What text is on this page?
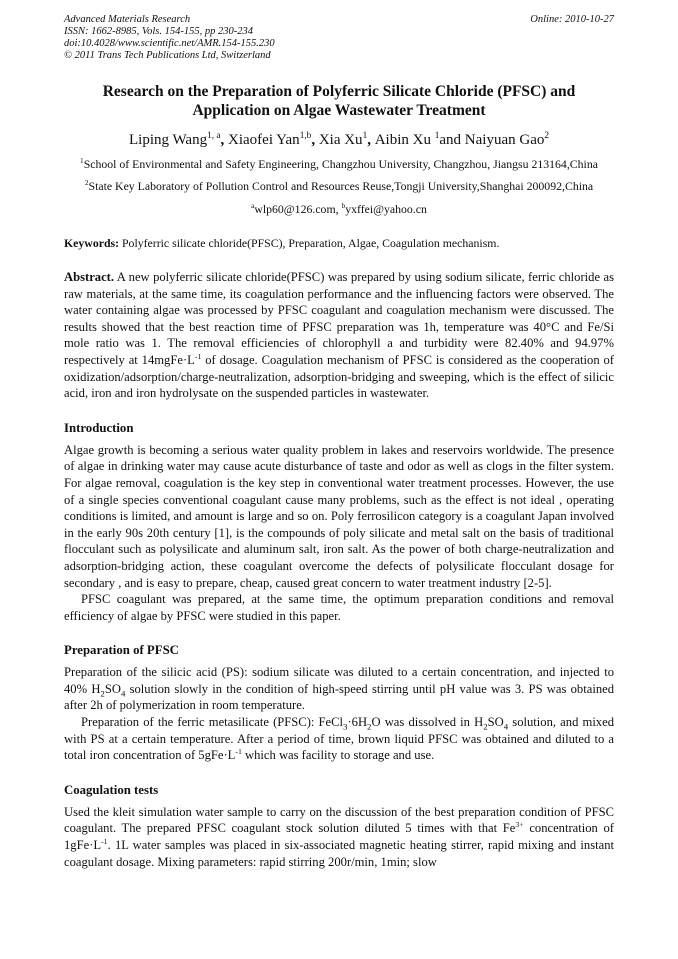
Advanced Materials Research
ISSN: 1662-8985, Vols. 154-155, pp 230-234
doi:10.4028/www.scientific.net/AMR.154-155.230
© 2011 Trans Tech Publications Ltd, Switzerland
Online: 2010-10-27
Research on the Preparation of Polyferric Silicate Chloride (PFSC) and
Application on Algae Wastewater Treatment
Liping Wang$^{1, a}$, Xiaofei Yan$^{1,b}$, Xia Xu$^1$, Aibin Xu $^1$and Naiyuan Gao$^2$
$^1$School of Environmental and Safety Engineering, Changzhou University, Changzhou, Jiangsu 213164,China
$^2$State Key Laboratory of Pollution Control and Resources Reuse,Tongji University,Shanghai 200092,China
$^a$wlp60@126.com, $^b$yxffei@yahoo.cn
Keywords: Polyferric silicate chloride(PFSC), Preparation, Algae, Coagulation mechanism.

Abstract. A new polyferric silicate chloride(PFSC) was prepared by using sodium silicate, ferric chloride as raw materials, at the same time, its coagulation performance and the influencing factors were observed. The water containing algae was processed by PFSC coagulant and coagulation mechanism were discussed. The results showed that the best reaction time of PFSC preparation was 1h, temperature was 40°C and Fe/Si mole ratio was 1. The removal efficiencies of chlorophyll a and turbidity were 82.40% and 94.97% respectively at $14mgFe\cdot L^{-1}$ of dosage. Coagulation mechanism of PFSC is considered as the cooperation of oxidization/adsorption/charge-neutralization, adsorption-bridging and sweeping, which is the effect of silicic acid, iron and iron hydrolysate on the suspended particles in wastewater.

Introduction

Algae growth is becoming a serious water quality problem in lakes and reservoirs worldwide. The presence of algae in drinking water may cause acute disturbance of taste and odor as well as clogs in the filter system. For algae removal, coagulation is the key step in conventional water treatment processes. However, the use of a single species conventional coagulant cause many problems, such as the effect is not ideal , operating conditions is limited, and amount is large and so on. Poly ferrosilicon category is a coagulant Japan involved in the early 90s 20th century [1], is the compounds of poly silicate and metal salt on the basis of traditional flocculant such as polysilicate and aluminum salt, iron salt. As the power of both charge-neutralization and adsorption-bridging action, these coagulant overcome the defects of polysilicate flocculant dosage for secondary , and is easy to prepare, cheap, caused great concern to water treatment industry [2-5].

PFSC coagulant was prepared, at the same time, the optimum preparation conditions and removal efficiency of algae by PFSC were studied in this paper.

Preparation of PFSC

Preparation of the silicic acid (PS): sodium silicate was diluted to a certain concentration, and injected to 40% $H_2SO_4$ solution slowly in the condition of high-speed stirring until pH value was 3. PS was obtained after 2h of polymerization in room temperature.

Preparation of the ferric metasilicate (PFSC): $FeCl_3\cdot 6H_2O$ was dissolved in $H_2SO_4$ solution, and mixed with PS at a certain temperature. After a period of time, brown liquid PFSC was obtained and diluted to a total iron concentration of $5gFe\cdot L^{-1}$ which was facility to storage and use.

Coagulation tests

Used the kleit simulation water sample to carry on the discussion of the best preparation condition of PFSC coagulant. The prepared PFSC coagulant stock solution diluted 5 times with that $Fe^{3+}$ concentration of $1gFe\cdot L^{-1}$. 1L water samples was placed in six-associated magnetic heating stirrer, rapid mixing and instant coagulant dosage. Mixing parameters: rapid stirring 200r/min, 1min; slow
